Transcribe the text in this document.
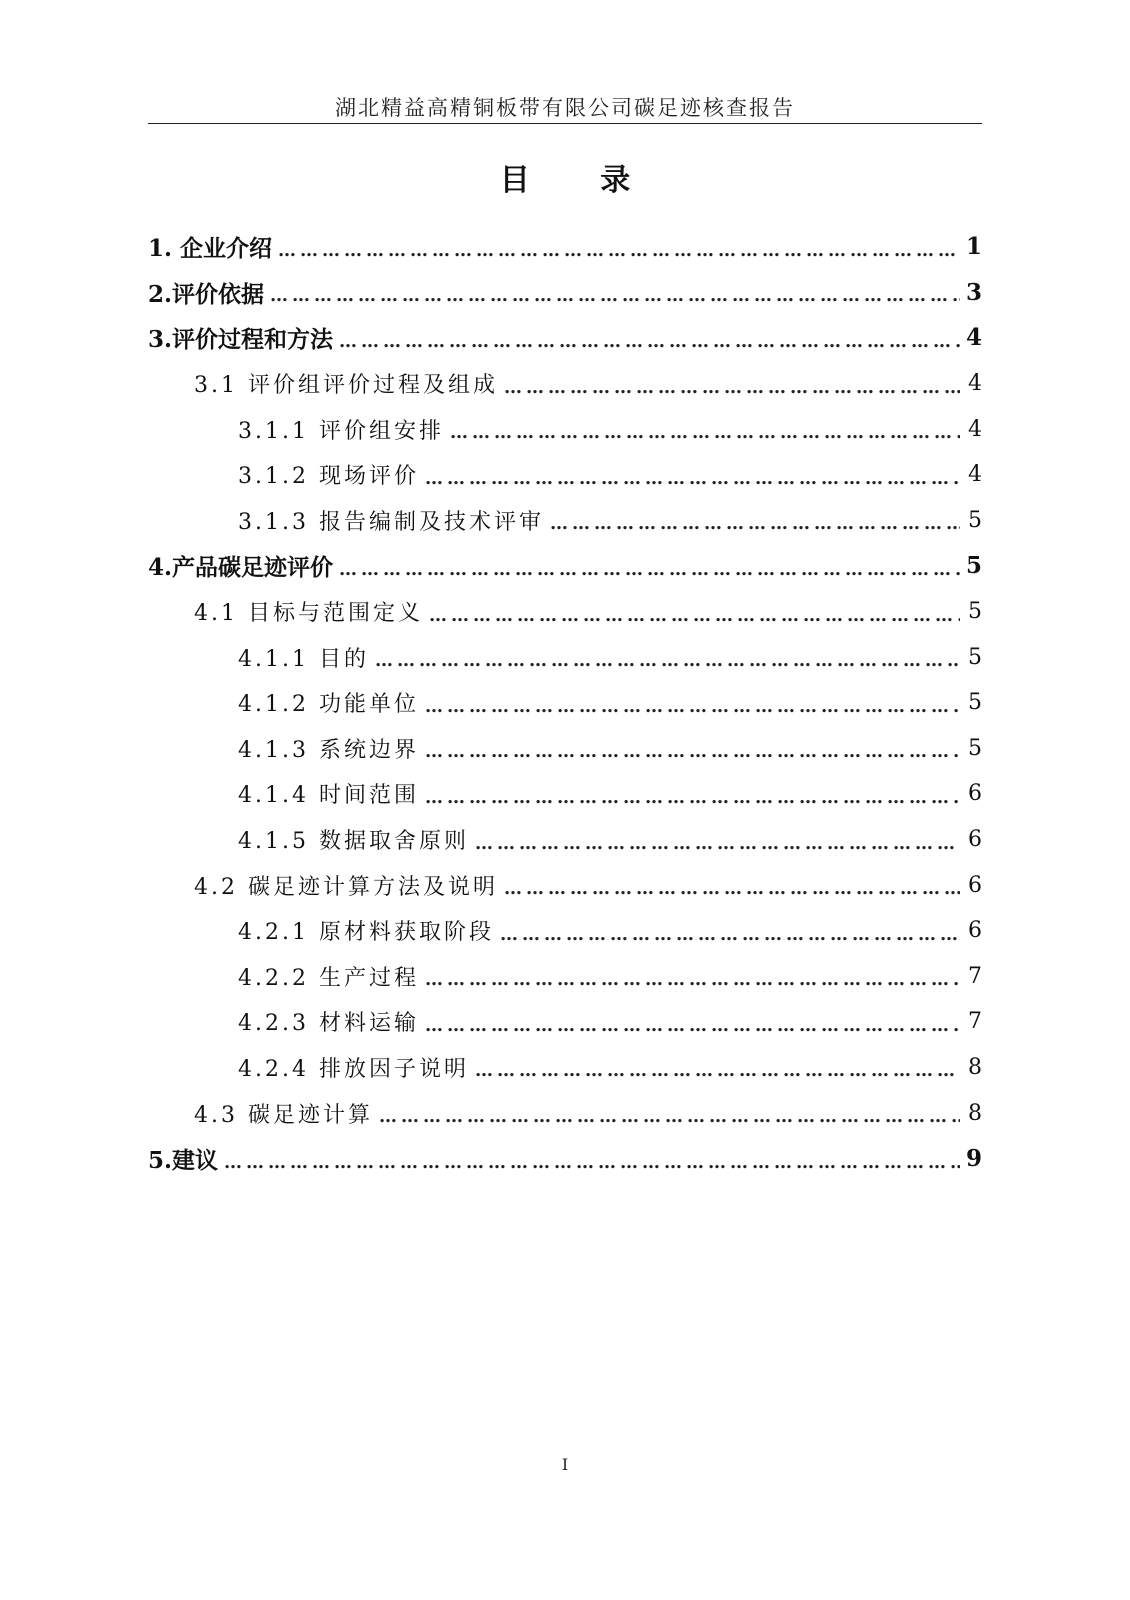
湖北精益高精铜板带有限公司碳足迹核查报告
目 录
1. 企业介绍 …………………………………………………………………………………………………………………………………………………………………………………	1
2.评价依据 …………………………………………………………………………………………………………………………………………………………………………………	3
3.评价过程和方法 …………………………………………………………………………………………………………………………………………………………………………………	4
3.1 评价组评价过程及组成 …………………………………………………………………………………………………………………………………………………………………………………	4
3.1.1 评价组安排 …………………………………………………………………………………………………………………………………………………………………………………	4
3.1.2 现场评价 …………………………………………………………………………………………………………………………………………………………………………………	4
3.1.3 报告编制及技术评审 …………………………………………………………………………………………………………………………………………………………………………………	5
4.产品碳足迹评价 …………………………………………………………………………………………………………………………………………………………………………………	5
4.1 目标与范围定义 …………………………………………………………………………………………………………………………………………………………………………………	5
4.1.1 目的 …………………………………………………………………………………………………………………………………………………………………………………	5
4.1.2 功能单位 …………………………………………………………………………………………………………………………………………………………………………………	5
4.1.3 系统边界 …………………………………………………………………………………………………………………………………………………………………………………	5
4.1.4 时间范围 …………………………………………………………………………………………………………………………………………………………………………………	6
4.1.5 数据取舍原则 …………………………………………………………………………………………………………………………………………………………………………………	6
4.2 碳足迹计算方法及说明 …………………………………………………………………………………………………………………………………………………………………………………	6
4.2.1 原材料获取阶段 …………………………………………………………………………………………………………………………………………………………………………………	6
4.2.2 生产过程 …………………………………………………………………………………………………………………………………………………………………………………	7
4.2.3 材料运输 …………………………………………………………………………………………………………………………………………………………………………………	7
4.2.4 排放因子说明 …………………………………………………………………………………………………………………………………………………………………………………	8
4.3 碳足迹计算 …………………………………………………………………………………………………………………………………………………………………………………	8
5.建议 …………………………………………………………………………………………………………………………………………………………………………………	9
I
